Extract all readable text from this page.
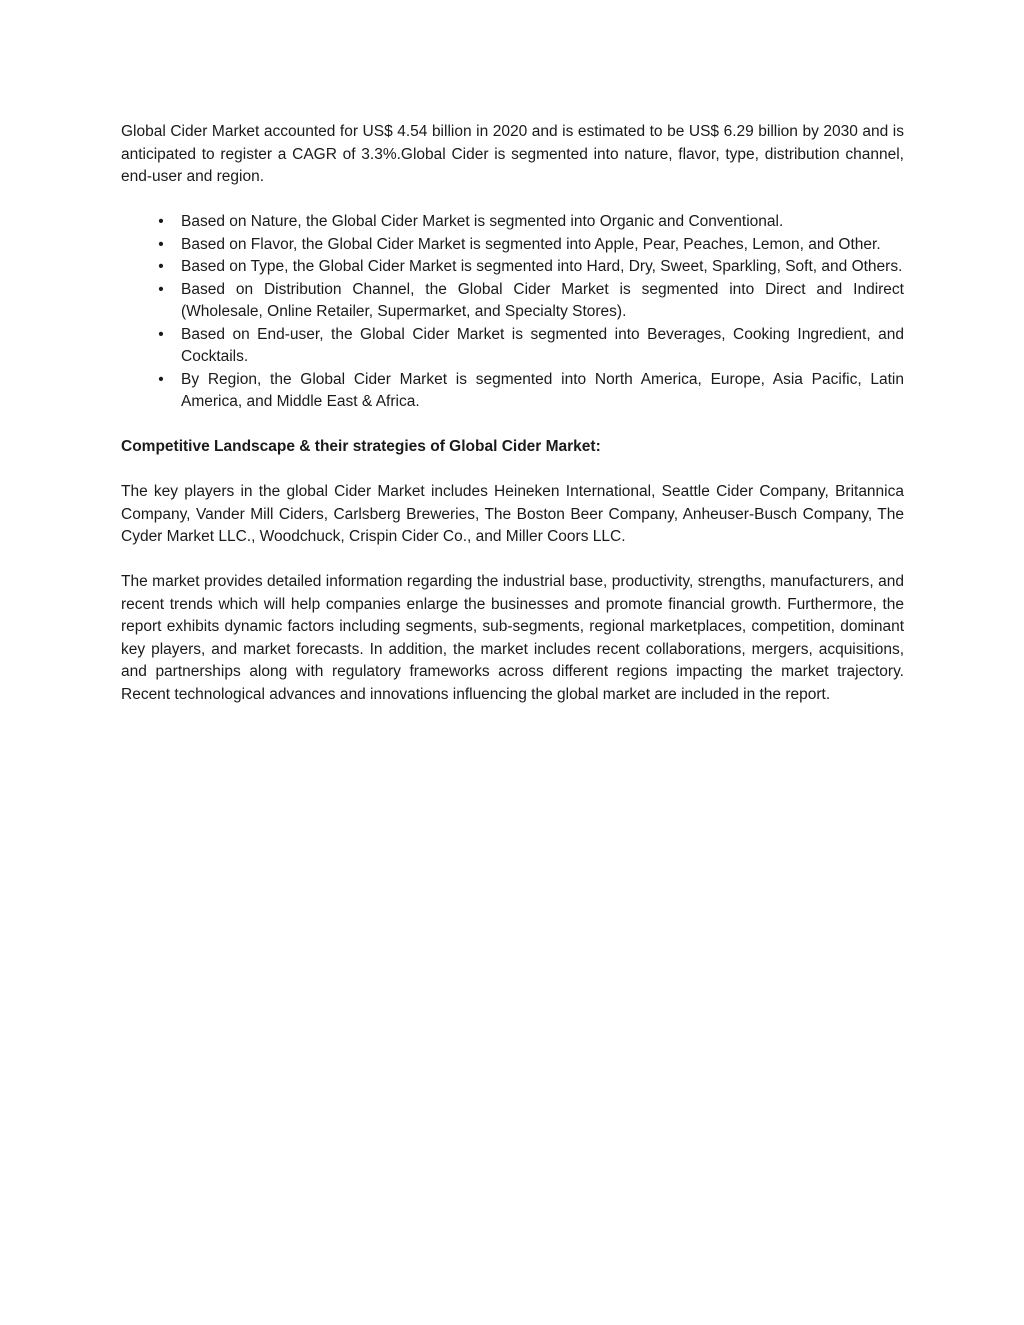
Global Cider Market accounted for US$ 4.54 billion in 2020 and is estimated to be US$ 6.29 billion by 2030 and is anticipated to register a CAGR of 3.3%.Global Cider is segmented into nature, flavor, type, distribution channel, end-user and region.

•	Based on Nature, the Global Cider Market is segmented into Organic and Conventional.
•	Based on Flavor, the Global Cider Market is segmented into Apple, Pear, Peaches, Lemon, and Other.
•	Based on Type, the Global Cider Market is segmented into Hard, Dry, Sweet, Sparkling, Soft, and Others.
•	Based on Distribution Channel, the Global Cider Market is segmented into Direct and Indirect (Wholesale, Online Retailer, Supermarket, and Specialty Stores).
•	Based on End-user, the Global Cider Market is segmented into Beverages, Cooking Ingredient, and Cocktails.
•	By Region, the Global Cider Market is segmented into North America, Europe, Asia Pacific, Latin America, and Middle East & Africa.

Competitive Landscape & their strategies of Global Cider Market:

The key players in the global Cider Market includes Heineken International, Seattle Cider Company, Britannica Company, Vander Mill Ciders, Carlsberg Breweries, The Boston Beer Company, Anheuser-Busch Company, The Cyder Market LLC., Woodchuck, Crispin Cider Co., and Miller Coors LLC.

The market provides detailed information regarding the industrial base, productivity, strengths, manufacturers, and recent trends which will help companies enlarge the businesses and promote financial growth. Furthermore, the report exhibits dynamic factors including segments, sub-segments, regional marketplaces, competition, dominant key players, and market forecasts. In addition, the market includes recent collaborations, mergers, acquisitions, and partnerships along with regulatory frameworks across different regions impacting the market trajectory. Recent technological advances and innovations influencing the global market are included in the report.
